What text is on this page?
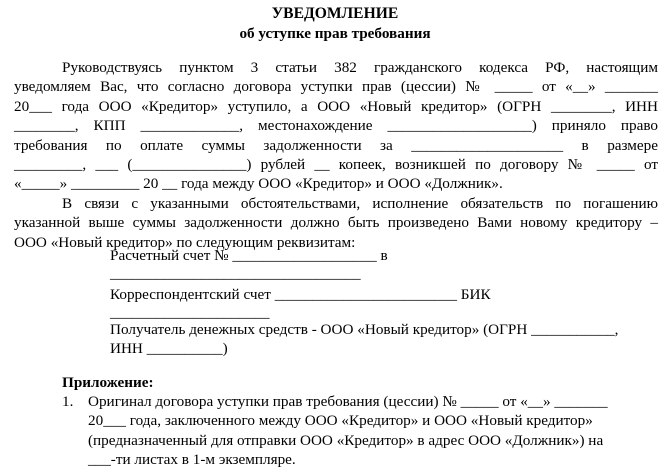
УВЕДОМЛЕНИЕ
об уступке прав требования
Руководствуясь пунктом 3 статьи 382 гражданского кодекса РФ, настоящим
уведомляем Вас, что согласно договора уступки прав (цессии) № _____ от «__» _______
20___ года ООО «Кредитор» уступило, а ООО «Новый кредитор» (ОГРН ________, ИНН
________, КПП _____________, местонахождение ___________________) приняло право
требования по оплате суммы задолженности за ____________________ в размере
_________, ___ (_______________) рублей __ копеек, возникшей по договору № _____ от
«_____» _________ 20 __ года между ООО «Кредитор» и ООО «Должник».
В связи с указанными обстоятельствами, исполнение обязательств по погашению
указанной выше суммы задолженности должно быть произведено Вами новому кредитору –
ООО «Новый кредитор» по следующим реквизитам:
Расчетный счет № ___________________ в
_________________________________
Корреспондентский счет ________________________ БИК
_____________________
Получатель денежных средств - ООО «Новый кредитор» (ОГРН ___________,
ИНН __________)
Приложение:
1. Оригинал договора уступки прав требования (цессии) № _____ от «__» _______
20___ года, заключенного между ООО «Кредитор» и ООО «Новый кредитор»
(предназначенный для отправки ООО «Кредитор» в адрес ООО «Должник») на
___-ти листах в 1-м экземпляре.
